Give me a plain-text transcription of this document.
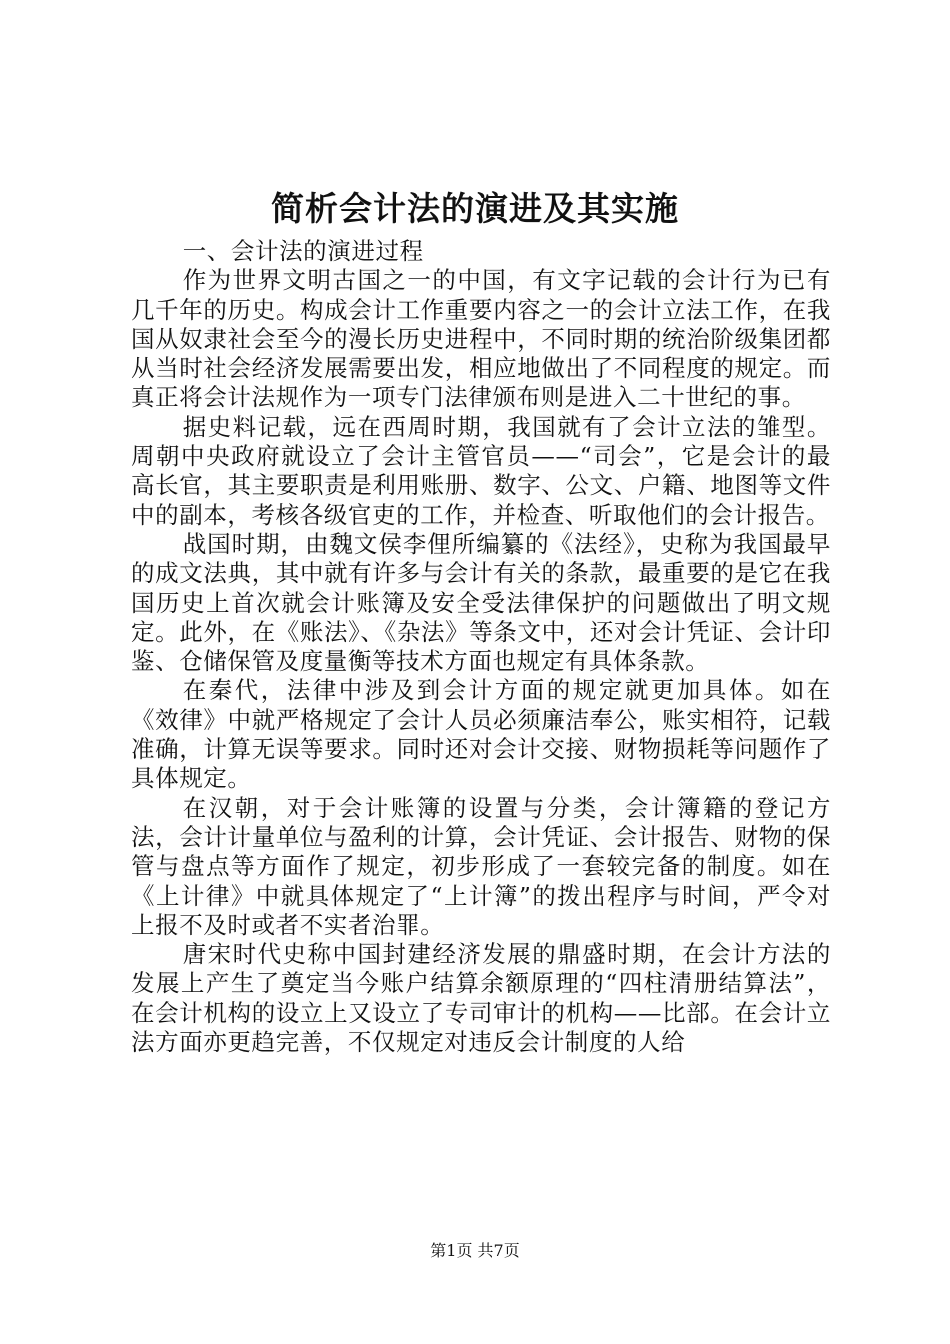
简析会计法的演进及其实施

一、会计法的演进过程

作为世界文明古国之一的中国，有文字记载的会计行为已有几千年的历史。构成会计工作重要内容之一的会计立法工作，在我国从奴隶社会至今的漫长历史进程中，不同时期的统治阶级集团都从当时社会经济发展需要出发，相应地做出了不同程度的规定。而真正将会计法规作为一项专门法律颁布则是进入二十世纪的事。

据史料记载，远在西周时期，我国就有了会计立法的雏型。周朝中央政府就设立了会计主管官员——“司会”，它是会计的最高长官，其主要职责是利用账册、数字、公文、户籍、地图等文件中的副本，考核各级官吏的工作，并检查、听取他们的会计报告。

战国时期，由魏文侯李俚所编纂的《法经》，史称为我国最早的成文法典，其中就有许多与会计有关的条款，最重要的是它在我国历史上首次就会计账簿及安全受法律保护的问题做出了明文规定。此外，在《账法》、《杂法》等条文中，还对会计凭证、会计印鉴、仓储保管及度量衡等技术方面也规定有具体条款。

在秦代，法律中涉及到会计方面的规定就更加具体。如在《效律》中就严格规定了会计人员必须廉洁奉公，账实相符，记载准确，计算无误等要求。同时还对会计交接、财物损耗等问题作了具体规定。

在汉朝，对于会计账簿的设置与分类，会计簿籍的登记方法，会计计量单位与盈利的计算，会计凭证、会计报告、财物的保管与盘点等方面作了规定，初步形成了一套较完备的制度。如在《上计律》中就具体规定了“上计簿”的拨出程序与时间，严令对上报不及时或者不实者治罪。

唐宋时代史称中国封建经济发展的鼎盛时期，在会计方法的发展上产生了奠定当今账户结算余额原理的“四柱清册结算法”，在会计机构的设立上又设立了专司审计的机构——比部。在会计立法方面亦更趋完善，不仅规定对违反会计制度的人给

第1页 共7页
